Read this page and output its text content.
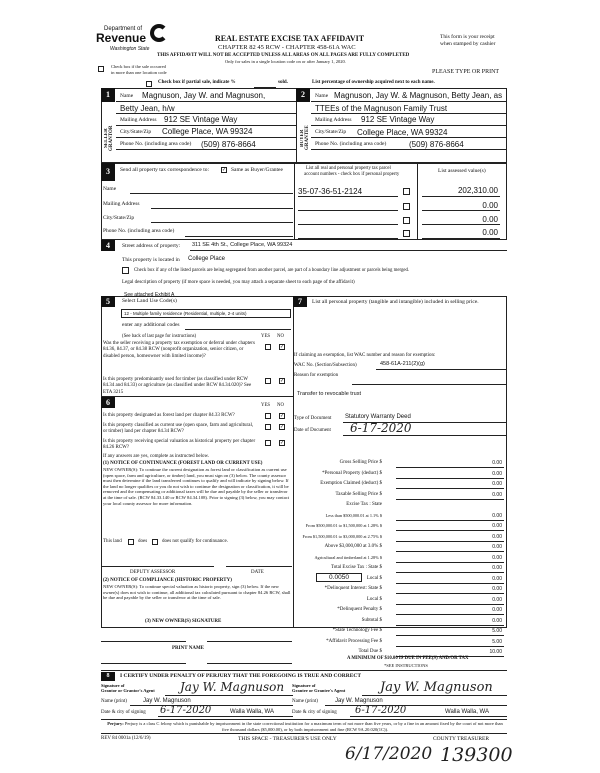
Department of
Revenue
Washington State
REAL ESTATE EXCISE TAX AFFIDAVIT
CHAPTER 82 45 RCW - CHAPTER 458-61A WAC
This form is your receipt
when stamped by cashier
THIS AFFIDAVIT WILL NOT BE ACCEPTED UNLESS ALL AREAS ON ALL PAGES ARE FULLY COMPLETED
Only for sales in a single location code on or after January 1, 2020.
Check box if the sale occurred
in more than one location code	PLEASE TYPE OR PRINT
Check box if partial sale, indicate %	sold.	List percentage of ownership acquired next to each name.
1
SELLER GRANTOR
Name Magnuson, Jay W. and Magnuson,
Betty Jean, h/w
Mailing Address 912 SE Vintage Way
City/State/Zip College Place, WA 99324
Phone No. (including area code) (509) 876-8664
2
BUYER GRANTEE
Name Magnuson, Jay W. & Magnuson, Betty Jean, as
TTEEs of the Magnuson Family Trust
Mailing Address 912 SE Vintage Way
City/State/Zip College Place, WA 99324
Phone No. (including area code)	(509) 876-8664
3	Send all property tax correspondence to:	✓ Same as Buyer/Grantee
Name
Mailing Address
City/State/Zip
Phone No. (including area code)
List all real and personal property tax parcel
account numbers - check box if personal property
List assessed value(s)
35-07-36-51-2124	202,310.00
0.00
0.00
0.00
4	Street address of property: 311 SE 4th St., College Place, WA 99324
This property is located in College Place
Check box if any of the listed parcels are being segregated from another parcel, are part of a boundary line adjustment or parcels being merged.
Legal description of property (if more space is needed, you may attach a separate sheet to each page of the affidavit)
See attached Exhibit A
5	Select Land Use Code(s)
12 - Multiple family residence (Residential, multiple, 2-4 units)
enter any additional codes
(See back of last page for instructions)	YES NO
Was the seller receiving a property tax exemption or deferral under chapters 84.36, 84.37, or 84.38 RCW (nonprofit organization, senior citizen, or disabled person, homeowner with limited income)?
✓
Is this property predominantly used for timber (as classified under RCW 84.34 and 84.33) or agriculture (as classified under RCW 84.34.020)? See ETA 3215
✓
6	YES NO
Is this property designated as forest land per chapter 84.33 RCW?	✓
Is this property classified as current use (open space, farm and agricultural, or timber) land per chapter 84.34 RCW?
✓
Is this property receiving special valuation as historical property per chapter 84.26 RCW?
✓
If any answers are yes, complete as instructed below.
(1) NOTICE OF CONTINUANCE (FOREST LAND OR CURRENT USE)
NEW OWNER(S): To continue the current designation as forest land or classification as current use (open space, farm and agriculture, or timber) land, you must sign on (3) below. The county assessor must then determine if the land transferred continues to qualify and will indicate by signing below. If the land no longer qualifies or you do not wish to continue the designation or classification, it will be removed and the compensating or additional taxes will be due and payable by the seller or transferor at the time of sale. (RCW 84.33.140 or RCW 84.34.108). Prior to signing (3) below, you may contact your local county assessor for more information.
This land	does	does not qualify for continuance.
DEPUTY ASSESSOR	DATE
(2) NOTICE OF COMPLIANCE (HISTORIC PROPERTY)
NEW OWNER(S): To continue special valuation as historic property, sign (3) below. If the new owner(s) does not wish to continue, all additional tax calculated pursuant to chapter 84.26 RCW, shall be due and payable by the seller or transferor at the time of sale.
(3) NEW OWNER(S) SIGNATURE
PRINT NAME
7	List all personal property (tangible and intangible) included in selling price.
If claiming an exemption, list WAC number and reason for exemption:
WAC No. (Section/Subsection)	458-61A-211(2)(g)
Reason for exemption
Transfer to revocable trust
Type of Document Statutory Warranty Deed
Date of Document 6-17-2020
Gross Selling Price $	0.00
*Personal Property (deduct) $	0.00
Exemption Claimed (deduct) $	0.00
Taxable Selling Price $	0.00
Excise Tax : State
Less than $500,000.01 at 1.1% $	0.00
From $500,000.01 to $1,500,000 at 1.28% $	0.00
From $1,500,000.01 to $3,000,000 at 2.75% $	0.00
Above $3,000,000 at 3.0% $	0.00
Agricultural and timberland at 1.28% $	0.00
Total Excise Tax : State $	0.00
Local $	0.00
*Delinquent Interest: State $	0.00
Local $	0.00
*Delinquent Penalty $	0.00
Subtotal $	0.00
*State Technology Fee $	5.00
*Affidavit Processing Fee $	5.00
Total Due $	10.00
0.0050
A MINIMUM OF $10.00 IS DUE IN FEE(S) AND/OR TAX
*SEE INSTRUCTIONS
8	I CERTIFY UNDER PENALTY OF PERJURY THAT THE FOREGOING IS TRUE AND CORRECT
Signature of
Grantor or Grantor's Agent Jay W. Magnuson Signature of
Grantee or Grantee's Agent	Jay W. Magnuson
Name (print)	Jay W. Magnuson	Name (print)	Jay W. Magnuson
Date & city of signing 6-17-2020	Walla Walla, WA	Date & city of signing 6-17-2020	Walla Walla, WA
Perjury: Perjury is a class C felony which is punishable by imprisonment in the state correctional institution for a maximum term of not more than five years, or by a fine in an amount fixed by the court of not more than five thousand dollars ($5,000.00), or by both imprisonment and fine (RCW 9A.20.020(1C)).
REV 84 0001a (12/6/19)	THIS SPACE - TREASURER'S USE ONLY	COUNTY TREASURER
6/17/2020 139300
